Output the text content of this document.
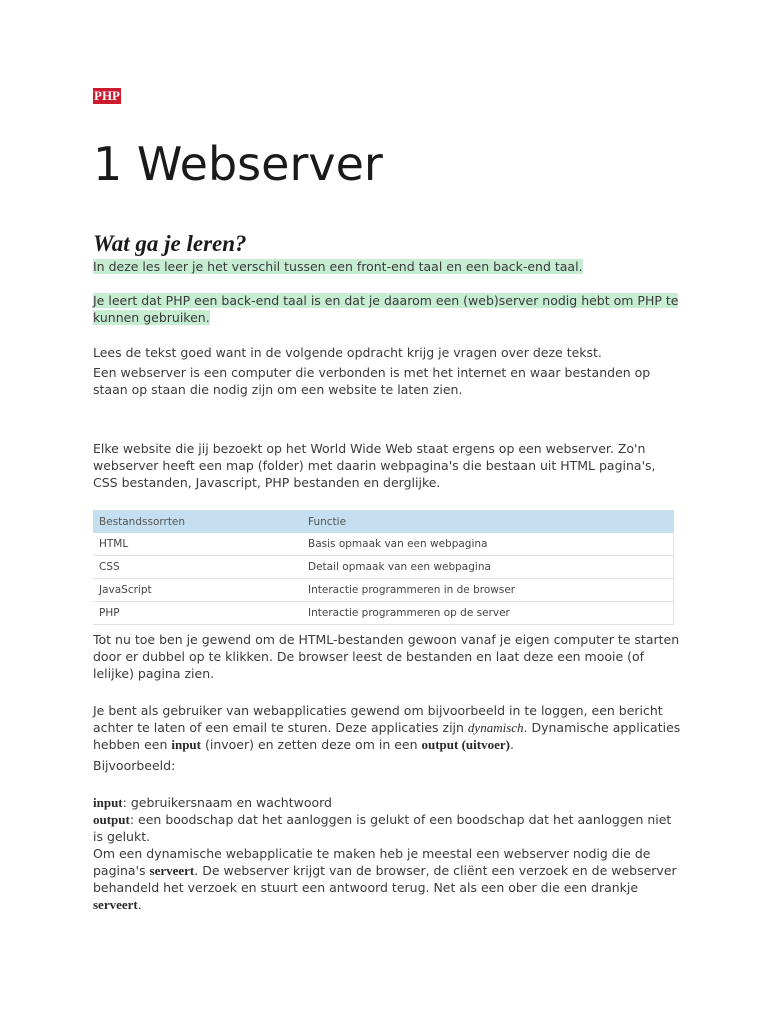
PHP
1 Webserver
Wat ga je leren?

In deze les leer je het verschil tussen een front-end taal en een back-end taal.

Je leert dat PHP een back-end taal is en dat je daarom een (web)server nodig hebt om PHP te kunnen gebruiken.

Lees de tekst goed want in de volgende opdracht krijg je vragen over deze tekst.

Een webserver is een computer die verbonden is met het internet en waar bestanden op staan op staan die nodig zijn om een website te laten zien.

Elke website die jij bezoekt op het World Wide Web staat ergens op een webserver. Zo'n webserver heeft een map (folder) met daarin webpagina's die bestaan uit HTML pagina's, CSS bestanden, Javascript, PHP bestanden en derglijke.

Bestandssorrten	Functie
HTML	Basis opmaak van een webpagina
CSS	Detail opmaak van een webpagina
JavaScript	Interactie programmeren in de browser
PHP	Interactie programmeren op de server

Tot nu toe ben je gewend om de HTML-bestanden gewoon vanaf je eigen computer te starten door er dubbel op te klikken. De browser leest de bestanden en laat deze een mooie (of lelijke) pagina zien.

Je bent als gebruiker van webapplicaties gewend om bijvoorbeeld in te loggen, een bericht achter te laten of een email te sturen. Deze applicaties zijn dynamisch. Dynamische applicaties hebben een input (invoer) en zetten deze om in een output (uitvoer).

Bijvoorbeeld:

input: gebruikersnaam en wachtwoord

output: een boodschap dat het aanloggen is gelukt of een boodschap dat het aanloggen niet is gelukt.

Om een dynamische webapplicatie te maken heb je meestal een webserver nodig die de pagina's serveert. De webserver krijgt van de browser, de cliënt een verzoek en de webserver behandeld het verzoek en stuurt een antwoord terug. Net als een ober die een drankje serveert.
